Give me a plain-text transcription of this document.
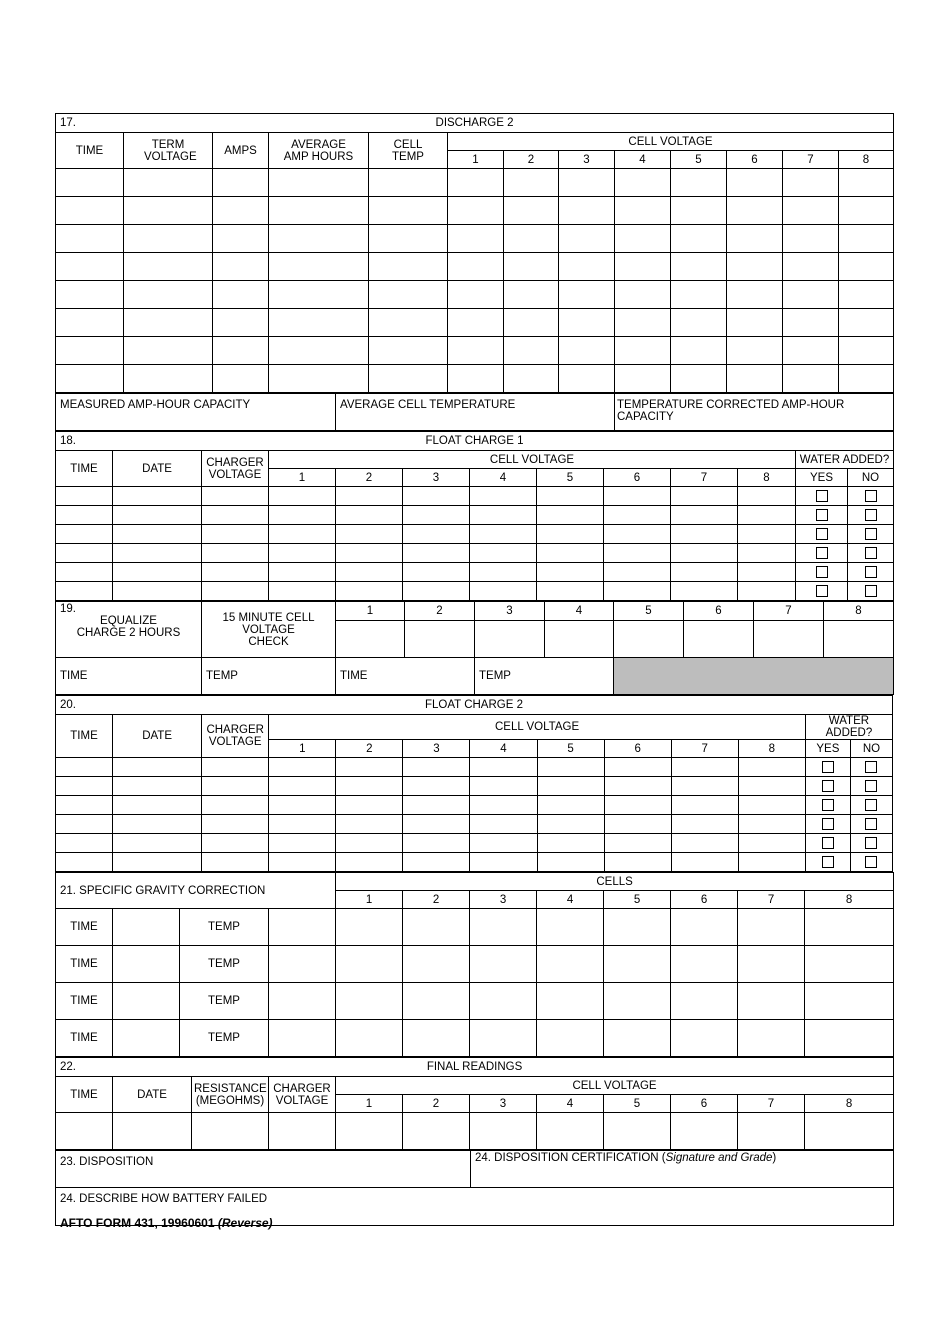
17. DISCHARGE 2												

TIME	TERM VOLTAGE	AMPS	AVERAGE AMP HOURS	CELL TEMP	CELL VOLTAGE							
					1	2	3	4	5	6	7	8

MEASURED AMP-HOUR CAPACITY	AVERAGE CELL TEMPERATURE	TEMPERATURE CORRECTED AMP-HOUR CAPACITY
18. FLOAT CHARGE 1												

TIME	DATE	CHARGER VOLTAGE	CELL VOLTAGE								WATER ADDED?	
			1	2	3	4	5	6	7	8	YES	NO

19.
EQUALIZE CHARGE 2 HOURS	15 MINUTE CELL VOLTAGE CHECK	1	2	3	4	5	6	7	8

TIME	TEMP	TIME		TEMP					
20. FLOAT CHARGE 2												

TIME	DATE	CHARGER VOLTAGE	CELL VOLTAGE								WATER ADDED?	
			1	2	3	4	5	6	7	8	YES	NO

21. SPECIFIC GRAVITY CORRECTION				CELLS							
				1	2	3	4	5	6	7	8
TIME		TEMP									
TIME		TEMP									
TIME		TEMP									
TIME		TEMP									
22. FINAL READINGS											

TIME	DATE	RESISTANCE (MEGOHMS)	CHARGER VOLTAGE	CELL VOLTAGE							
				1	2	3	4	5	6	7	8

23. DISPOSITION	24. DISPOSITION CERTIFICATION (Signature and Grade)
24. DESCRIBE HOW BATTERY FAILED
AFTO FORM 431, 19960601 (Reverse)
